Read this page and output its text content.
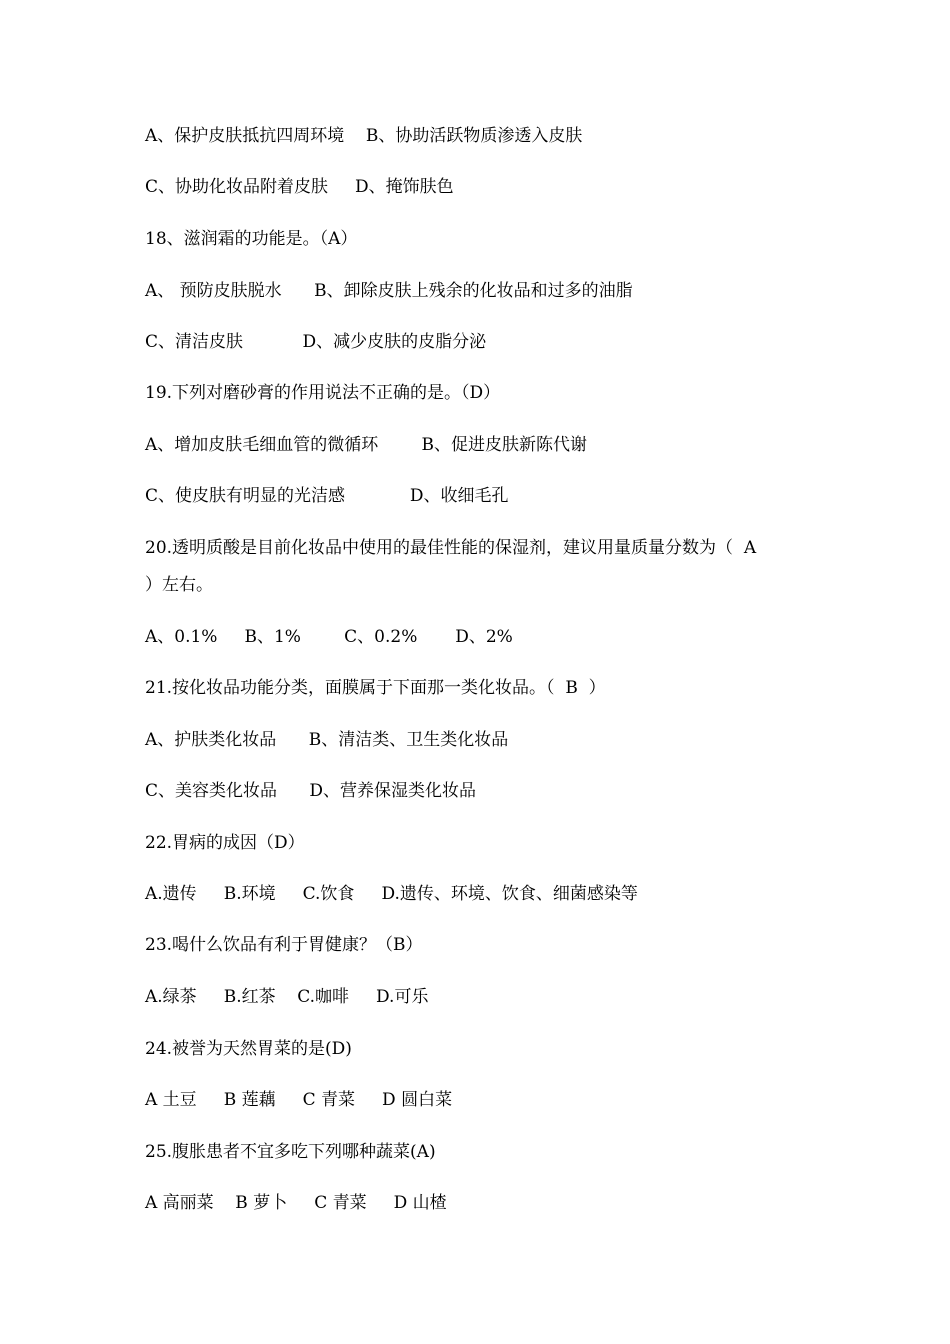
A、保护皮肤抵抗四周环境    B、协助活跃物质渗透入皮肤
C、协助化妆品附着皮肤     D、掩饰肤色
18、滋润霜的功能是。（A）
A、 预防皮肤脱水      B、卸除皮肤上残余的化妆品和过多的油脂
C、清洁皮肤           D、减少皮肤的皮脂分泌
19.下列对磨砂膏的作用说法不正确的是。（D）
A、增加皮肤毛细血管的微循环        B、促进皮肤新陈代谢
C、使皮肤有明显的光洁感            D、收细毛孔
20.透明质酸是目前化妆品中使用的最佳性能的保湿剂，建议用量质量分数为（  A
）左右。
A、0.1%     B、1%        C、0.2%       D、2%
21.按化妆品功能分类，面膜属于下面那一类化妆品。（  B  ）
A、护肤类化妆品      B、清洁类、卫生类化妆品
C、美容类化妆品      D、营养保湿类化妆品
22.胃病的成因（D）
A.遗传     B.环境     C.饮食     D.遗传、环境、饮食、细菌感染等
23.喝什么饮品有利于胃健康？（B）
A.绿茶     B.红茶    C.咖啡     D.可乐
24.被誉为天然胃菜的是(D)
A 土豆     B 莲藕     C 青菜     D 圆白菜
25.腹胀患者不宜多吃下列哪种蔬菜(A)
A 高丽菜    B 萝卜     C 青菜     D 山楂
